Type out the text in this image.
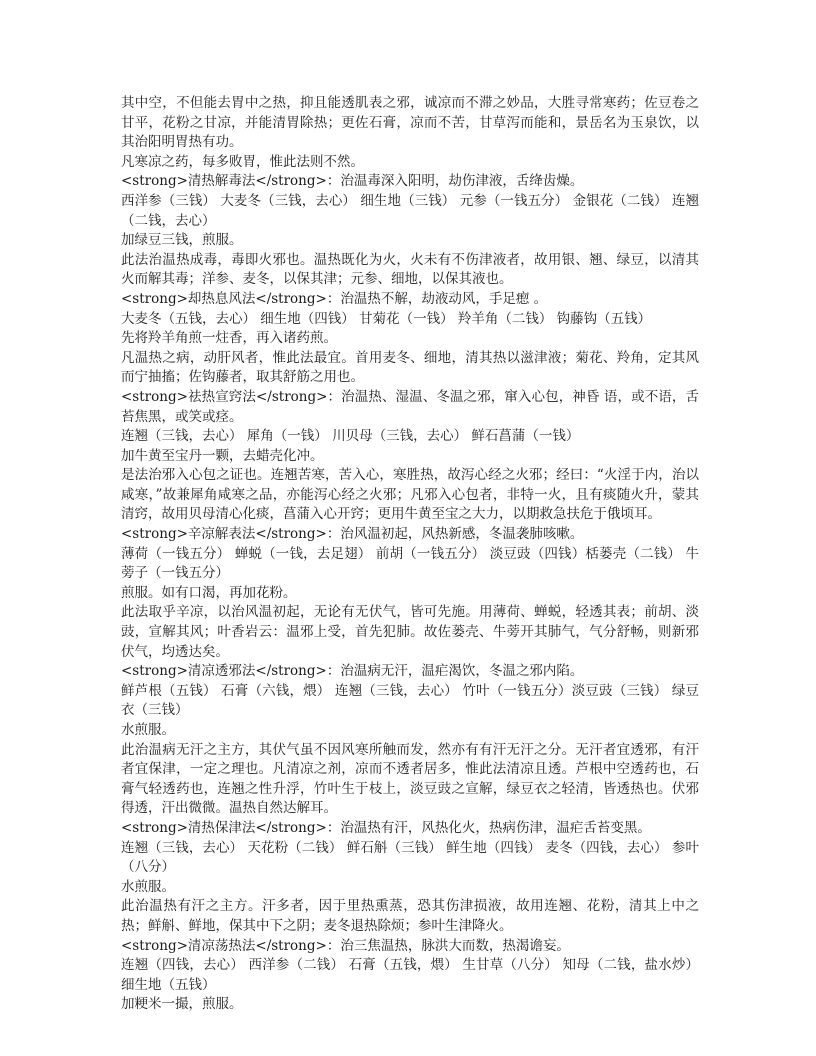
其中空，不但能去胃中之热，抑且能透肌表之邪，诚凉而不滞之妙品，大胜寻常寒药；佐豆卷之甘平，花粉之甘凉，并能清胃除热；更佐石膏，凉而不苦，甘草泻而能和，景岳名为玉泉饮，以其治阳明胃热有功。

凡寒凉之药，每多败胃，惟此法则不然。

<strong>清热解毒法</strong>：治温毒深入阳明，劫伤津液，舌绛齿燥。

西洋参（三钱） 大麦冬（三钱，去心） 细生地（三钱） 元参（一钱五分） 金银花（二钱） 连翘（二钱，去心）

加绿豆三钱，煎服。

此法治温热成毒，毒即火邪也。温热既化为火，火未有不伤津液者，故用银、翘、绿豆，以清其火而解其毒；洋参、麦冬，以保其津；元参、细地，以保其液也。

<strong>却热息风法</strong>：治温热不解，劫液动风，手足瘛 。

大麦冬（五钱，去心） 细生地（四钱） 甘菊花（一钱） 羚羊角（二钱） 钩藤钩（五钱）

先将羚羊角煎一炷香，再入诸药煎。

凡温热之病，动肝风者，惟此法最宜。首用麦冬、细地，清其热以滋津液；菊花、羚角，定其风而宁抽搐；佐钩藤者，取其舒筋之用也。

<strong>祛热宣窍法</strong>：治温热、湿温、冬温之邪，窜入心包，神昏 语，或不语，舌苔焦黑，或笑或痉。

连翘（三钱，去心） 犀角（一钱） 川贝母（三钱，去心） 鲜石菖蒲（一钱）

加牛黄至宝丹一颗，去蜡壳化冲。

是法治邪入心包之证也。连翘苦寒，苦入心，寒胜热，故泻心经之火邪；经曰：“火淫于内，治以咸寒，”故兼犀角咸寒之品，亦能泻心经之火邪；凡邪入心包者，非特一火，且有痰随火升，蒙其清窍，故用贝母清心化痰，菖蒲入心开窍；更用牛黄至宝之大力，以期救急扶危于俄顷耳。

<strong>辛凉解表法</strong>：治风温初起，风热新感，冬温袭肺咳嗽。

薄荷（一钱五分） 蝉蜕（一钱，去足翅） 前胡（一钱五分） 淡豆豉（四钱）栝蒌壳（二钱） 牛蒡子（一钱五分）

煎服。如有口渴，再加花粉。

此法取乎辛凉，以治风温初起，无论有无伏气，皆可先施。用薄荷、蝉蜕，轻透其表；前胡、淡豉，宣解其风；叶香岩云：温邪上受，首先犯肺。故佐蒌壳、牛蒡开其肺气，气分舒畅，则新邪伏气，均透达矣。

<strong>清凉透邪法</strong>：治温病无汗，温疟渴饮，冬温之邪内陷。

鲜芦根（五钱） 石膏（六钱，煨） 连翘（三钱，去心） 竹叶（一钱五分）淡豆豉（三钱） 绿豆衣（三钱）

水煎服。

此治温病无汗之主方，其伏气虽不因风寒所触而发，然亦有有汗无汗之分。无汗者宜透邪，有汗者宜保津，一定之理也。凡清凉之剂，凉而不透者居多，惟此法清凉且透。芦根中空透药也，石膏气轻透药也，连翘之性升浮，竹叶生于枝上，淡豆豉之宣解，绿豆衣之轻清，皆透热也。伏邪得透，汗出微微。温热自然达解耳。

<strong>清热保津法</strong>：治温热有汗，风热化火，热病伤津，温疟舌苔变黑。

连翘（三钱，去心） 天花粉（二钱） 鲜石斛（三钱） 鲜生地（四钱） 麦冬（四钱，去心） 参叶（八分）

水煎服。

此治温热有汗之主方。汗多者，因于里热熏蒸，恐其伤津损液，故用连翘、花粉，清其上中之热；鲜斛、鲜地，保其中下之阴；麦冬退热除烦；参叶生津降火。

<strong>清凉荡热法</strong>：治三焦温热，脉洪大而数，热渴谵妄。

连翘（四钱，去心） 西洋参（二钱） 石膏（五钱，煨） 生甘草（八分） 知母（二钱，盐水炒） 细生地（五钱）

加粳米一撮，煎服。
